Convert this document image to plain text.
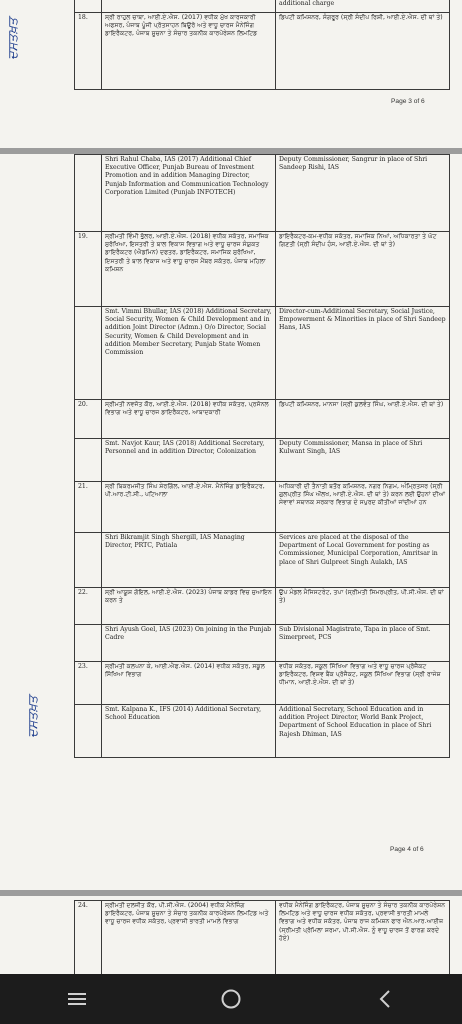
		additional charge
18.	ਸ੍ਰੀ ਰਾਹੁਲ ਚਾਬਾ, ਆਈ.ਏ.ਐਸ. (2017) ਵਧੀਕ ਮੁੱਖ ਕਾਰਜਕਾਰੀ ਅਫਸਰ, ਪੰਜਾਬ ਪੂੰਜੀ ਪ੍ਰੋਤਸਾਹਨ ਬਿਊਰੋ ਅਤੇ ਵਾਧੂ ਚਾਰਜ ਮੈਨੇਜਿੰਗ ਡਾਇਰੈਕਟਰ, ਪੰਜਾਬ ਸੂਚਨਾ ਤੇ ਸੰਚਾਰ ਤਕਨੀਕ ਕਾਰਪੋਰੇਸ਼ਨ ਲਿਮਟਿਡ	ਡਿਪਟੀ ਕਮਿਸ਼ਨਰ, ਸੰਗਰੂਰ (ਸ੍ਰੀ ਸੰਦੀਪ ਰਿਸ਼ੀ, ਆਈ.ਏ.ਐਸ. ਦੀ ਥਾਂ ਤੇ)
Page 3 of 6
	Shri Rahul Chaba, IAS (2017) Additional Chief Executive Officer, Punjab Bureau of Investment Promotion and in addition Managing Director, Punjab Information and Communication Technology Corporation Limited (Punjab INFOTECH)	Deputy Commissioner, Sangrur in place of Shri Sandeep Rishi, IAS

19.	ਸ੍ਰੀਮਤੀ ਵਿੰਮੀ ਭੁੱਲਰ, ਆਈ.ਏ.ਐਸ. (2018) ਵਧੀਕ ਸਕੱਤਰ, ਸਮਾਜਿਕ ਸੁਰੱਖਿਆ, ਇਸਤਰੀ ਤੇ ਬਾਲ ਵਿਕਾਸ ਵਿਭਾਗ ਅਤੇ ਵਾਧੂ ਚਾਰਜ ਸੰਯੁਕਤ ਡਾਇਰੈਕਟਰ (ਐਡਮਿਨ) ਦਫਤਰ, ਡਾਇਰੈਕਟਰ, ਸਮਾਜਿਕ ਸੁਰੱਖਿਆ, ਇਸਤਰੀ ਤੇ ਬਾਲ ਵਿਕਾਸ ਅਤੇ ਵਾਧੂ ਚਾਰਜ ਮੈਂਬਰ ਸਕੱਤਰ, ਪੰਜਾਬ ਮਹਿਲਾ ਕਮਿਸ਼ਨ	ਡਾਇਰੈਕਟਰ-ਕਮ-ਵਧੀਕ ਸਕੱਤਰ, ਸਮਾਜਿਕ ਨਿਆਂ, ਅਧਿਕਾਰਤਾ ਤੇ ਘੱਟ ਗਿਣਤੀ (ਸ੍ਰੀ ਸੰਦੀਪ ਹੰਸ, ਆਈ.ਏ.ਐਸ. ਦੀ ਥਾਂ ਤੇ)
	Smt. Vimmi Bhullar, IAS (2018) Additional Secretary, Social Security, Women & Child Development and in addition Joint Director (Admn.) O/o Director, Social Security, Women & Child Development and in addition Member Secretary, Punjab State Women Commission	Director-cum-Additional Secretary, Social Justice, Empowerment & Minorities in place of Shri Sandeep Hans, IAS
20.	ਸ੍ਰੀਮਤੀ ਨਵਜੋਤ ਕੌਰ, ਆਈ.ਏ.ਐਸ. (2018) ਵਧੀਕ ਸਕੱਤਰ, ਪ੍ਰਸੋਨਲ ਵਿਭਾਗ ਅਤੇ ਵਾਧੂ ਚਾਰਜ ਡਾਇਰੈਕਟਰ, ਆਬਾਦਕਾਰੀ	ਡਿਪਟੀ ਕਮਿਸ਼ਨਰ, ਮਾਨਸਾ (ਸ੍ਰੀ ਕੁਲਵੰਤ ਸਿੰਘ, ਆਈ.ਏ.ਐਸ. ਦੀ ਥਾਂ ਤੇ)
	Smt. Navjot Kaur, IAS (2018) Additional Secretary, Personnel and in addition Director, Colonization	Deputy Commissioner, Mansa in place of Shri Kulwant Singh, IAS
21.	ਸ੍ਰੀ ਬਿਕਰਮਜੀਤ ਸਿੰਘ ਸ਼ੇਰਗਿੱਲ, ਆਈ.ਏ.ਐਸ. ਮੈਨੇਜਿੰਗ ਡਾਇਰੈਕਟਰ, ਪੀ.ਆਰ.ਟੀ.ਸੀ., ਪਟਿਆਲਾ	ਅਧਿਕਾਰੀ ਦੀ ਤੈਨਾਤੀ ਬਤੌਰ ਕਮਿਸ਼ਨਰ, ਨਗਰ ਨਿਗਮ, ਅੰਮ੍ਰਿਤਸਰ (ਸ੍ਰੀ ਗੁਲਪ੍ਰੀਤ ਸਿੰਘ ਔਲਖ, ਆਈ.ਏ.ਐਸ. ਦੀ ਥਾਂ ਤੇ) ਕਰਨ ਲਈ ਉਹਨਾਂ ਦੀਆਂ ਸੇਵਾਵਾਂ ਸਥਾਨਕ ਸਰਕਾਰ ਵਿਭਾਗ ਦੇ ਸਪੁਰਦ ਕੀਤੀਆਂ ਜਾਂਦੀਆਂ ਹਨ
	Shri Bikramjit Singh Shergill, IAS Managing Director, PRTC, Patiala	Services are placed at the disposal of the Department of Local Government for posting as Commissioner, Municipal Corporation, Amritsar in place of Shri Gulpreet Singh Aulakh, IAS
22.	ਸ੍ਰੀ ਆਯੂਸ਼ ਗੋਇਲ, ਆਈ.ਏ.ਐਸ. (2023) ਪੰਜਾਬ ਕਾਡਰ ਵਿਚ ਜੁਆਇਨ ਕਰਨ ਤੇ	ਉਪ ਮੰਡਲ ਮੈਜਿਸਟਰੇਟ, ਤਪਾ (ਸ੍ਰੀਮਤੀ ਸਿਮਰਪ੍ਰੀਤ, ਪੀ.ਸੀ.ਐਸ. ਦੀ ਥਾਂ ਤੇ)
	Shri Ayush Goel, IAS (2023) On joining in the Punjab Cadre	Sub Divisional Magistrate, Tapa in place of Smt. Simerpreet, PCS
23.	ਸ੍ਰੀਮਤੀ ਕਲਪਨਾ ਕੇ, ਆਈ.ਐਫ.ਐਸ. (2014) ਵਧੀਕ ਸਕੱਤਰ, ਸਕੂਲ ਸਿੱਖਿਆ ਵਿਭਾਗ	ਵਧੀਕ ਸਕੱਤਰ, ਸਕੂਲ ਸਿੱਖਿਆ ਵਿਭਾਗ ਅਤੇ ਵਾਧੂ ਚਾਰਜ ਪ੍ਰੋਜੈਕਟ ਡਾਇਰੈਕਟਰ, ਵਿਸ਼ਵ ਬੈਂਕ ਪ੍ਰੋਜੈਕਟ, ਸਕੂਲ ਸਿੱਖਿਆ ਵਿਭਾਗ (ਸ੍ਰੀ ਰਾਜੇਸ਼ ਧੀਮਾਨ, ਆਈ.ਏ.ਐਸ. ਦੀ ਥਾਂ ਤੇ)
	Smt. Kalpana K., IFS (2014) Additional Secretary, School Education	Additional Secretary, School Education and in addition Project Director, World Bank Project, Department of School Education in place of Shri Rajesh Dhiman, IAS
Page 4 of 6
24.	ਸ੍ਰੀਮਤੀ ਦਲਜੀਤ ਕੌਰ, ਪੀ.ਸੀ.ਐਸ. (2004) ਵਧੀਕ ਮੈਨੇਜਿੰਗ ਡਾਇਰੈਕਟਰ, ਪੰਜਾਬ ਸੂਚਨਾ ਤੇ ਸੰਚਾਰ ਤਕਨੀਕ ਕਾਰਪੋਰੇਸ਼ਨ ਲਿਮਟਿਡ ਅਤੇ ਵਾਧੂ ਚਾਰਜ ਵਧੀਕ ਸਕੱਤਰ, ਪ੍ਰਵਾਸੀ ਭਾਰਤੀ ਮਾਮਲੇ ਵਿਭਾਗ	ਵਧੀਕ ਮੈਨੇਜਿੰਗ ਡਾਇਰੈਕਟਰ, ਪੰਜਾਬ ਸੂਚਨਾ ਤੇ ਸੰਚਾਰ ਤਕਨੀਕ ਕਾਰਪੋਰੇਸ਼ਨ ਲਿਮਟਿਡ ਅਤੇ ਵਾਧੂ ਚਾਰਜ ਵਧੀਕ ਸਕੱਤਰ, ਪ੍ਰਵਾਸੀ ਭਾਰਤੀ ਮਾਮਲੇ ਵਿਭਾਗ ਅਤੇ ਵਧੀਕ ਸਕੱਤਰ, ਪੰਜਾਬ ਰਾਜ ਕਮਿਸ਼ਨ ਫਾਰ ਐਨ.ਆਰ.ਆਈਜ਼ (ਸ੍ਰੀਮਤੀ ਪ੍ਰੋਮਿਲਾ ਸ਼ਰਮਾ, ਪੀ.ਸੀ.ਐਸ. ਨੂੰ ਵਾਧੂ ਚਾਰਜ ਤੋਂ ਫਾਰਗ ਕਰਦੇ ਹੋਏ)
ਦਸਤਖ਼ਤ
ਦਸਤਖ਼ਤ
